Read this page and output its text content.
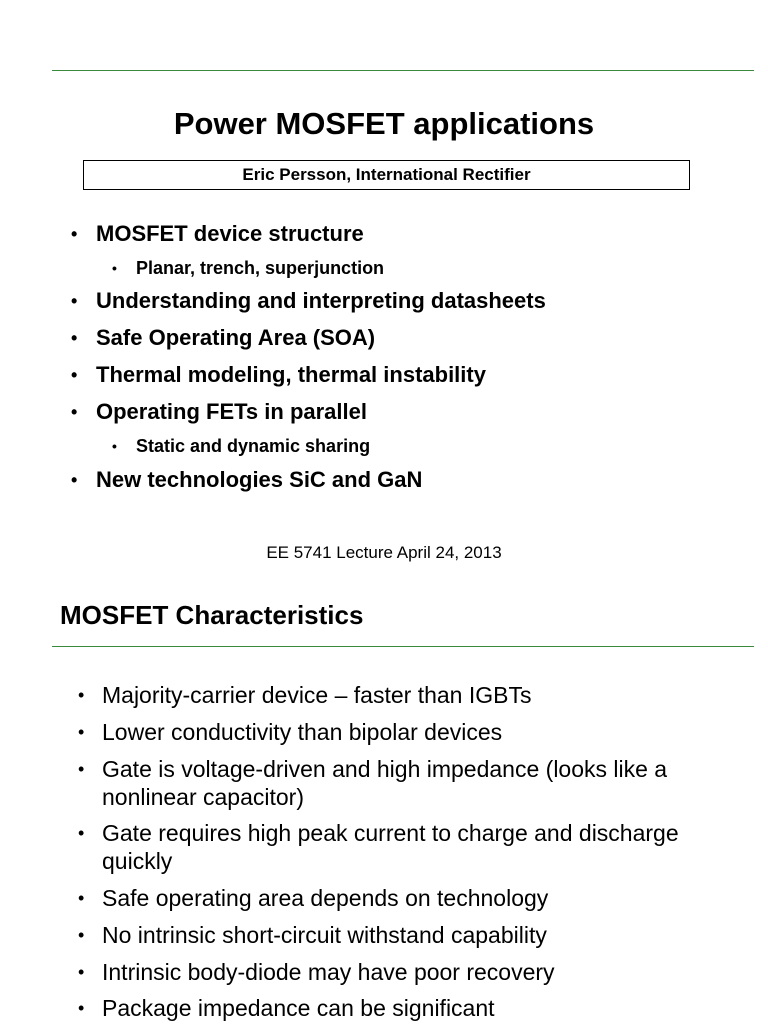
Power MOSFET applications
Eric Persson, International Rectifier
• MOSFET device structure
• Planar, trench, superjunction
• Understanding and interpreting datasheets
• Safe Operating Area (SOA)
• Thermal modeling, thermal instability
• Operating FETs in parallel
• Static and dynamic sharing
• New technologies SiC and GaN
EE 5741 Lecture April 24, 2013
MOSFET Characteristics
• Majority-carrier device – faster than IGBTs
• Lower conductivity than bipolar devices
• Gate is voltage-driven and high impedance (looks like a nonlinear capacitor)
• Gate requires high peak current to charge and discharge quickly
• Safe operating area depends on technology
• No intrinsic short-circuit withstand capability
• Intrinsic body-diode may have poor recovery
• Package impedance can be significant
